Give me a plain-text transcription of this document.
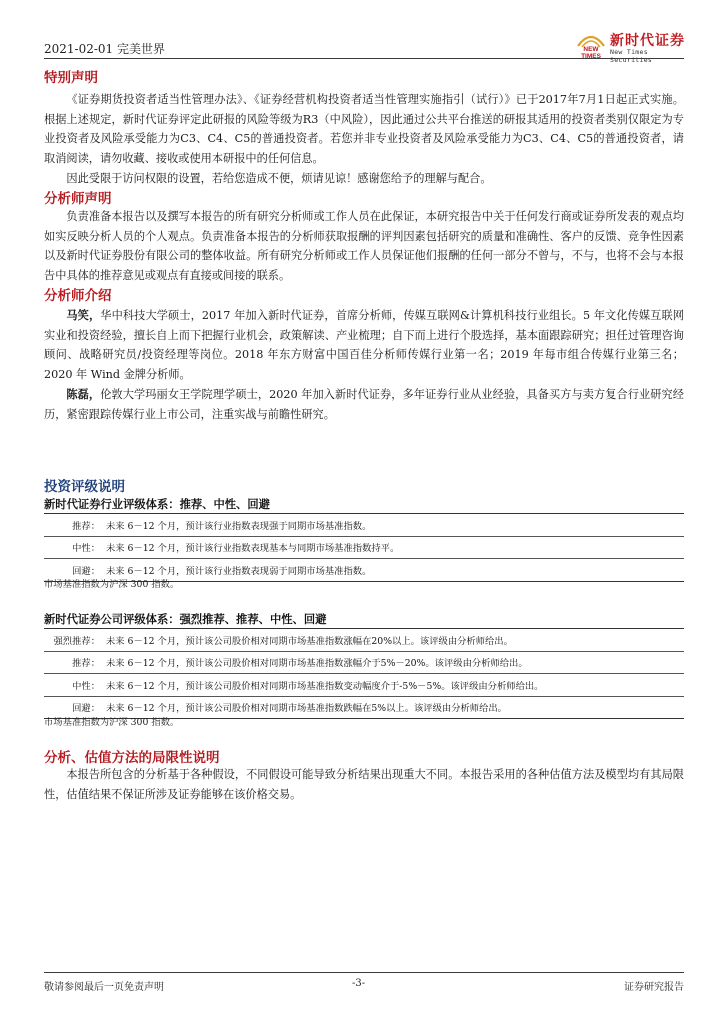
2021-02-01 完美世界	NEW
TIMES
新时代证券
New Times Securities
特别声明

《证券期货投资者适当性管理办法》、《证券经营机构投资者适当性管理实施指引（试行）》已于2017年7月1日起正式实施。根据上述规定，新时代证券评定此研报的风险等级为R3（中风险），因此通过公共平台推送的研报其适用的投资者类别仅限定为专业投资者及风险承受能力为C3、C4、C5的普通投资者。若您并非专业投资者及风险承受能力为C3、C4、C5的普通投资者，请取消阅读，请勿收藏、接收或使用本研报中的任何信息。

因此受限于访问权限的设置，若给您造成不便，烦请见谅！感谢您给予的理解与配合。

分析师声明

负责准备本报告以及撰写本报告的所有研究分析师或工作人员在此保证，本研究报告中关于任何发行商或证券所发表的观点均如实反映分析人员的个人观点。负责准备本报告的分析师获取报酬的评判因素包括研究的质量和准确性、客户的反馈、竞争性因素以及新时代证券股份有限公司的整体收益。所有研究分析师或工作人员保证他们报酬的任何一部分不曾与，不与，也将不会与本报告中具体的推荐意见或观点有直接或间接的联系。

分析师介绍

马笑，华中科技大学硕士，2017 年加入新时代证券，首席分析师，传媒互联网&计算机科技行业组长。5 年文化传媒互联网实业和投资经验，擅长自上而下把握行业机会，政策解读、产业梳理；自下而上进行个股选择，基本面跟踪研究；担任过管理咨询顾问、战略研究员/投资经理等岗位。2018 年东方财富中国百佳分析师传媒行业第一名；2019 年每市组合传媒行业第三名；2020 年 Wind 金牌分析师。

陈磊，伦敦大学玛丽女王学院理学硕士，2020 年加入新时代证券，多年证券行业从业经验，具备买方与卖方复合行业研究经历，紧密跟踪传媒行业上市公司，注重实战与前瞻性研究。

投资评级说明
新时代证券行业评级体系：推荐、中性、回避
推荐： 未来 6－12 个月，预计该行业指数表现强于同期市场基准指数。
中性： 未来 6－12 个月，预计该行业指数表现基本与同期市场基准指数持平。
回避： 未来 6－12 个月，预计该行业指数表现弱于同期市场基准指数。
市场基准指数为沪深 300 指数。
新时代证券公司评级体系：强烈推荐、推荐、中性、回避
强烈推荐： 未来 6－12 个月，预计该公司股价相对同期市场基准指数涨幅在20%以上。该评级由分析师给出。
推荐： 未来 6－12 个月，预计该公司股价相对同期市场基准指数涨幅介于5%－20%。该评级由分析师给出。
中性： 未来 6－12 个月，预计该公司股价相对同期市场基准指数变动幅度介于-5%－5%。该评级由分析师给出。
回避： 未来 6－12 个月，预计该公司股价相对同期市场基准指数跌幅在5%以上。该评级由分析师给出。
市场基准指数为沪深 300 指数。
分析、估值方法的局限性说明

本报告所包含的分析基于各种假设，不同假设可能导致分析结果出现重大不同。本报告采用的各种估值方法及模型均有其局限性，估值结果不保证所涉及证券能够在该价格交易。

敬请参阅最后一页免责声明	-3-	证券研究报告
